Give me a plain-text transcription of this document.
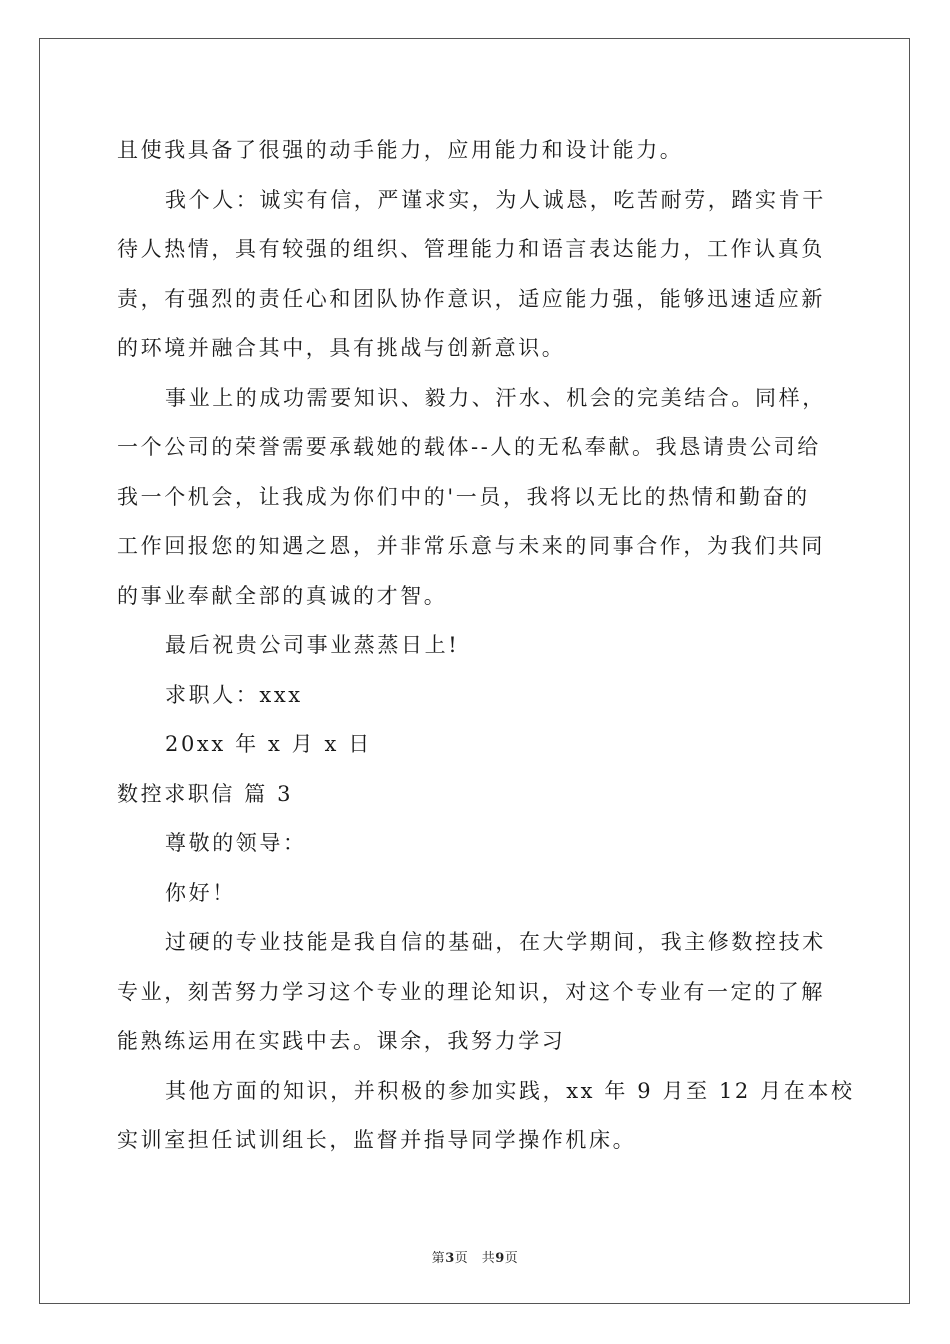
且使我具备了很强的动手能力，应用能力和设计能力。
我个人：诚实有信，严谨求实，为人诚恳，吃苦耐劳，踏实肯干
待人热情，具有较强的组织、管理能力和语言表达能力，工作认真负
责，有强烈的责任心和团队协作意识，适应能力强，能够迅速适应新
的环境并融合其中，具有挑战与创新意识。
事业上的成功需要知识、毅力、汗水、机会的完美结合。同样，
一个公司的荣誉需要承载她的载体--人的无私奉献。我恳请贵公司给
我一个机会，让我成为你们中的'一员，我将以无比的热情和勤奋的
工作回报您的知遇之恩，并非常乐意与未来的同事合作，为我们共同
的事业奉献全部的真诚的才智。
最后祝贵公司事业蒸蒸日上!
求职人：xxx
20xx 年 x 月 x 日
数控求职信 篇 3
尊敬的领导：
你好！
过硬的专业技能是我自信的基础，在大学期间，我主修数控技术
专业，刻苦努力学习这个专业的理论知识，对这个专业有一定的了解
能熟练运用在实践中去。课余，我努力学习
其他方面的知识，并积极的参加实践，xx 年 9 月至 12 月在本校
实训室担任试训组长，监督并指导同学操作机床。
第3页　共9页
